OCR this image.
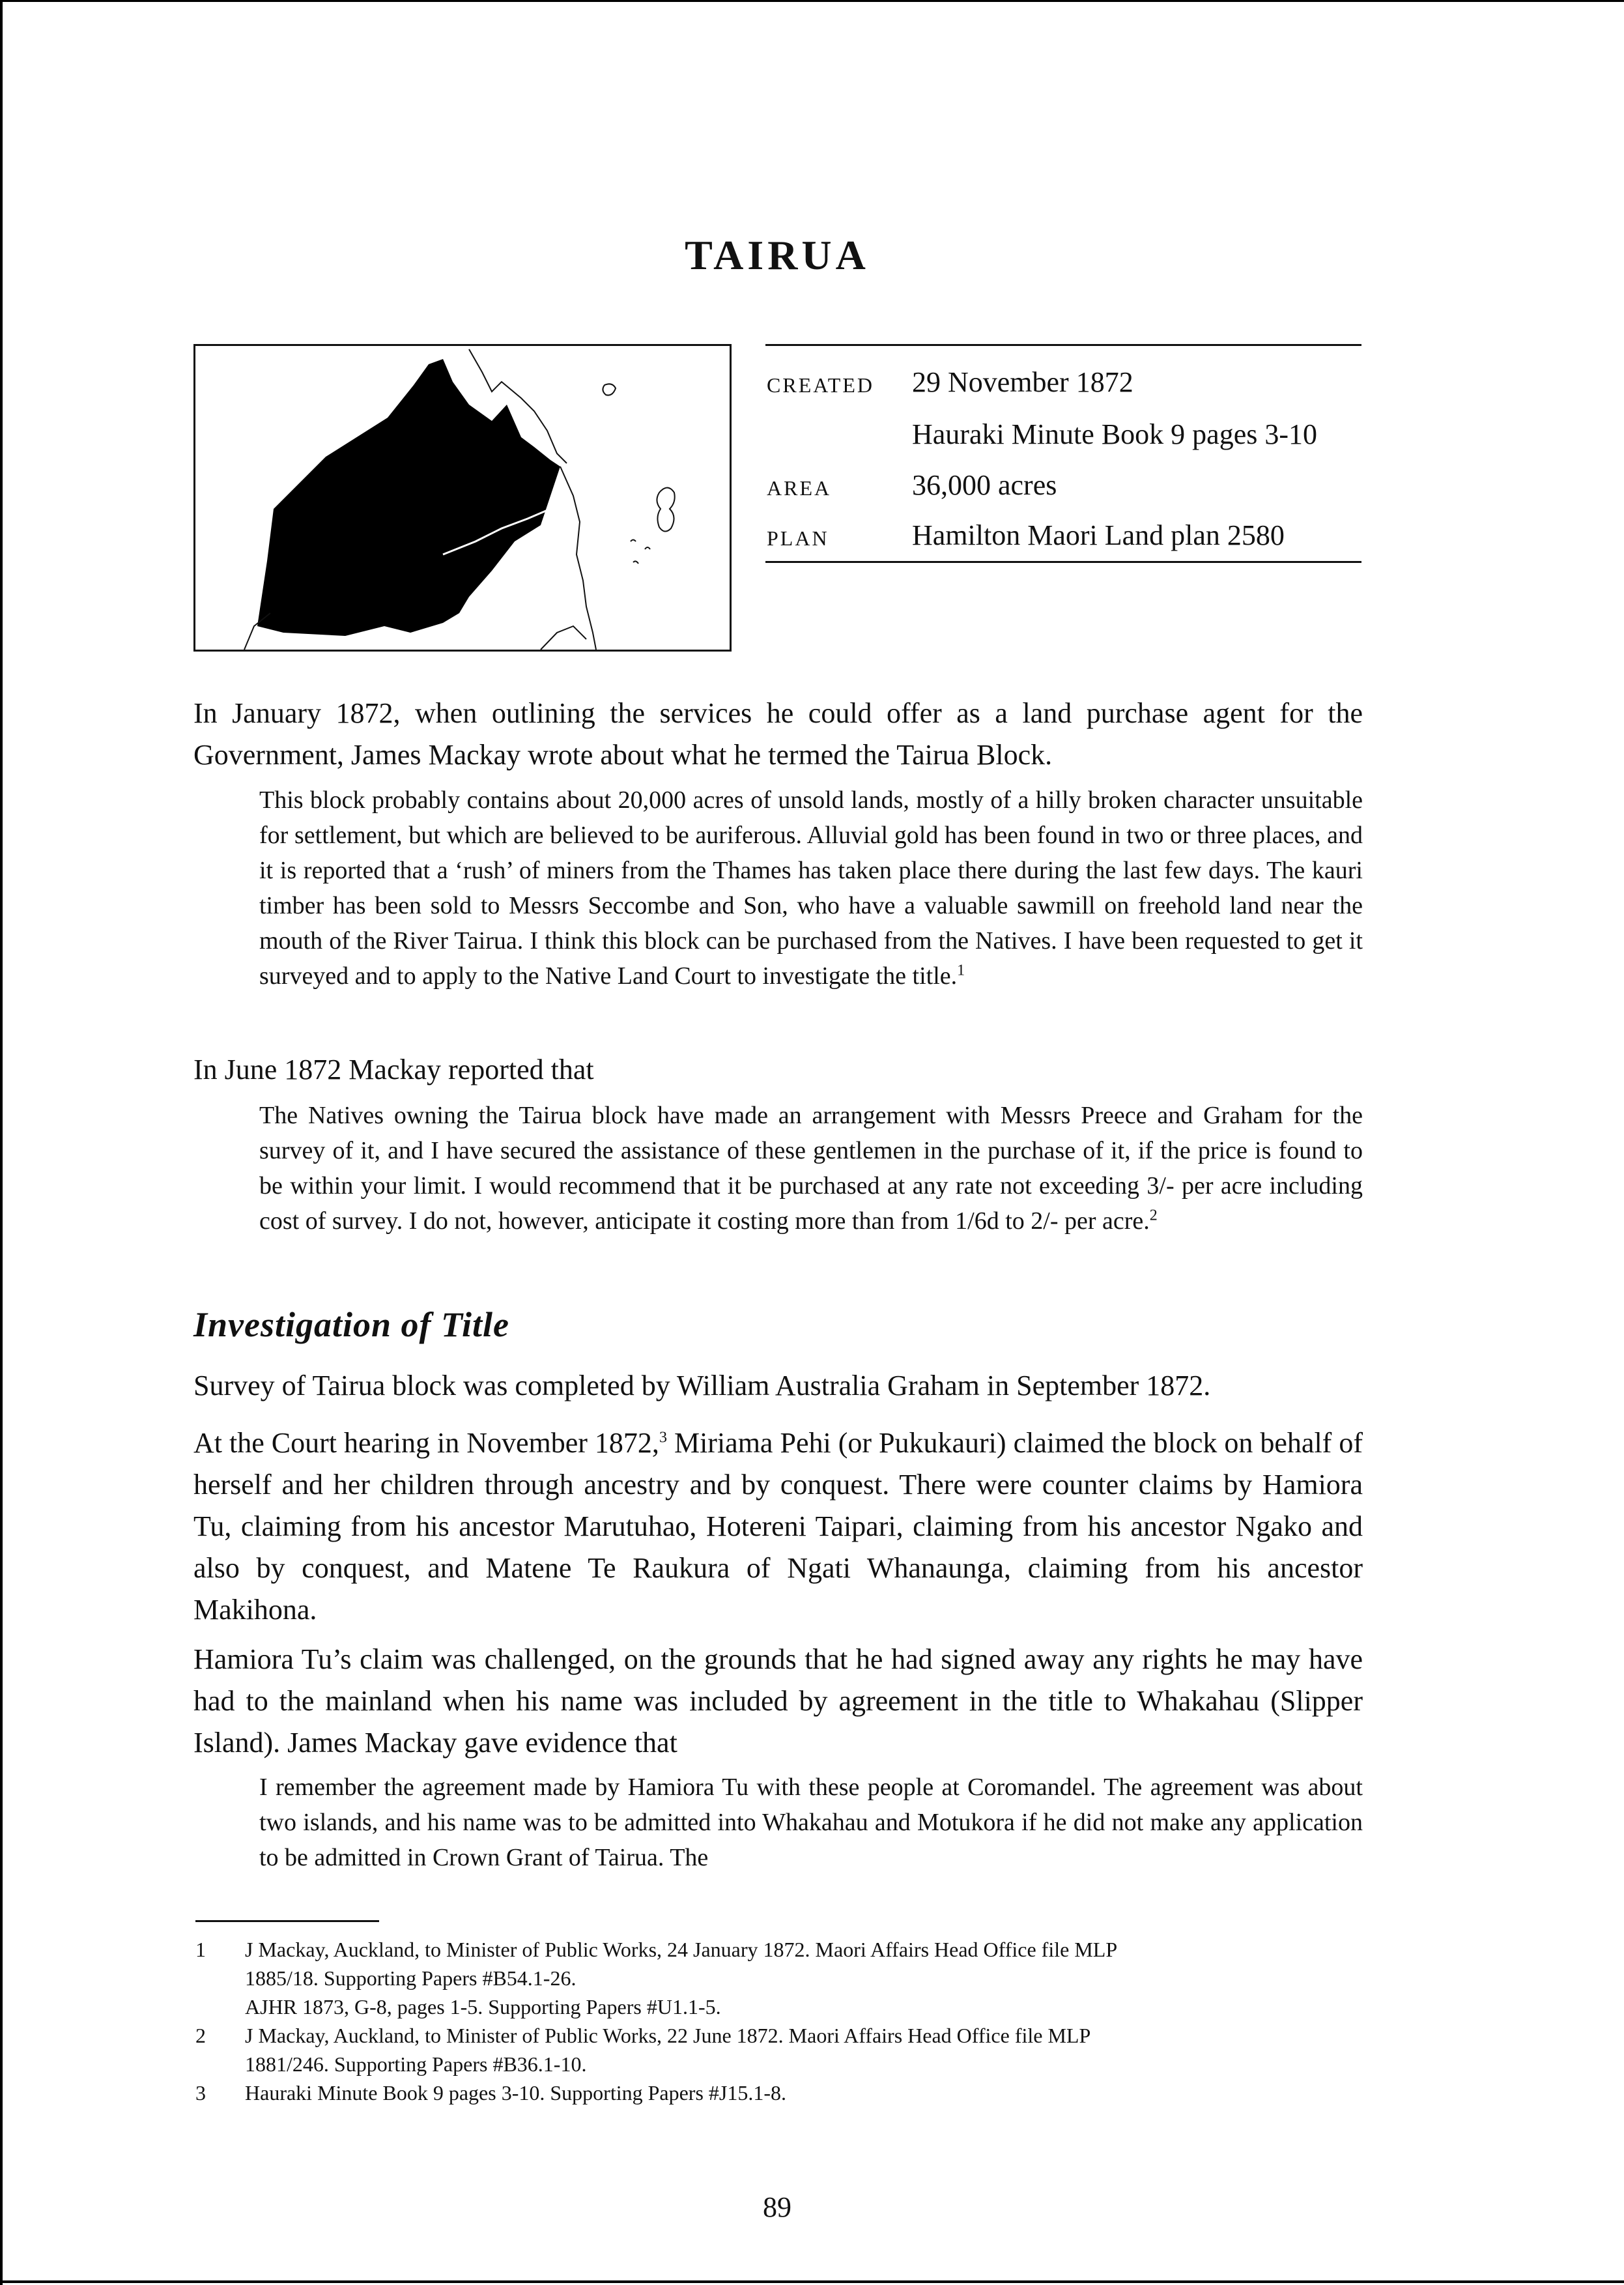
TAIRUA
CREATED 29 November 1872
Hauraki Minute Book 9 pages 3-10
AREA	36,000 acres
PLAN	Hamilton Maori Land plan 2580
In January 1872, when outlining the services he could offer as a land purchase agent for the Government, James Mackay wrote about what he termed the Tairua Block.
This block probably contains about 20,000 acres of unsold lands, mostly of a hilly broken character unsuitable for settlement, but which are believed to be auriferous. Alluvial gold has been found in two or three places, and it is reported that a ‘rush’ of miners from the Thames has taken place there during the last few days. The kauri timber has been sold to Messrs Seccombe and Son, who have a valuable sawmill on freehold land near the mouth of the River Tairua. I think this block can be purchased from the Natives. I have been requested to get it surveyed and to apply to the Native Land Court to investigate the title.$^1$
In June 1872 Mackay reported that
The Natives owning the Tairua block have made an arrangement with Messrs Preece and Graham for the survey of it, and I have secured the assistance of these gentlemen in the purchase of it, if the price is found to be within your limit. I would recommend that it be purchased at any rate not exceeding 3/- per acre including cost of survey. I do not, however, anticipate it costing more than from 1/6d to 2/- per acre.$^2$
Investigation of Title
Survey of Tairua block was completed by William Australia Graham in September 1872.
At the Court hearing in November 1872,$^3$ Miriama Pehi (or Pukukauri) claimed the block on behalf of herself and her children through ancestry and by conquest. There were counter claims by Hamiora Tu, claiming from his ancestor Marutuhao, Hotereni Taipari, claiming from his ancestor Ngako and also by conquest, and Matene Te Raukura of Ngati Whanaunga, claiming from his ancestor Makihona.
Hamiora Tu’s claim was challenged, on the grounds that he had signed away any rights he may have had to the mainland when his name was included by agreement in the title to Whakahau (Slipper Island). James Mackay gave evidence that
I remember the agreement made by Hamiora Tu with these people at Coromandel. The agreement was about two islands, and his name was to be admitted into Whakahau and Motukora if he did not make any application to be admitted in Crown Grant of Tairua. The
1 J Mackay, Auckland, to Minister of Public Works, 24 January 1872. Maori Affairs Head Office file MLP
1885/18. Supporting Papers #B54.1-26.
AJHR 1873, G-8, pages 1-5. Supporting Papers #U1.1-5.
2 J Mackay, Auckland, to Minister of Public Works, 22 June 1872. Maori Affairs Head Office file MLP
1881/246. Supporting Papers #B36.1-10.
3 Hauraki Minute Book 9 pages 3-10. Supporting Papers #J15.1-8.
89
